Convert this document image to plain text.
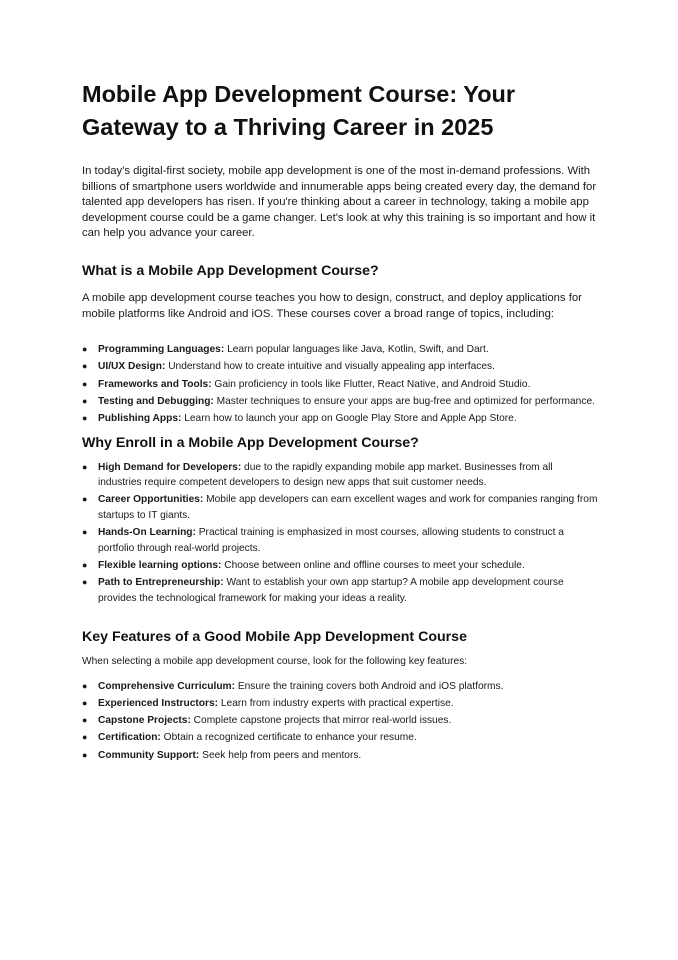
Mobile App Development Course: Your Gateway to a Thriving Career in 2025

In today's digital-first society, mobile app development is one of the most in-demand professions. With billions of smartphone users worldwide and innumerable apps being created every day, the demand for talented app developers has risen. If you're thinking about a career in technology, taking a mobile app development course could be a game changer. Let's look at why this training is so important and how it can help you advance your career.

What is a Mobile App Development Course?

A mobile app development course teaches you how to design, construct, and deploy applications for mobile platforms like Android and iOS. These courses cover a broad range of topics, including:

● Programming Languages: Learn popular languages like Java, Kotlin, Swift, and Dart.
● UI/UX Design: Understand how to create intuitive and visually appealing app interfaces.
● Frameworks and Tools: Gain proficiency in tools like Flutter, React Native, and Android Studio.
● Testing and Debugging: Master techniques to ensure your apps are bug-free and optimized for performance.
● Publishing Apps: Learn how to launch your app on Google Play Store and Apple App Store.
Why Enroll in a Mobile App Development Course?
● High Demand for Developers: due to the rapidly expanding mobile app market. Businesses from all industries require competent developers to design new apps that suit customer needs.
● Career Opportunities: Mobile app developers can earn excellent wages and work for companies ranging from startups to IT giants.
● Hands-On Learning: Practical training is emphasized in most courses, allowing students to construct a portfolio through real-world projects.
● Flexible learning options: Choose between online and offline courses to meet your schedule.
● Path to Entrepreneurship: Want to establish your own app startup? A mobile app development course provides the technological framework for making your ideas a reality.
Key Features of a Good Mobile App Development Course

When selecting a mobile app development course, look for the following key features:

● Comprehensive Curriculum: Ensure the training covers both Android and iOS platforms.
● Experienced Instructors: Learn from industry experts with practical expertise.
● Capstone Projects: Complete capstone projects that mirror real-world issues.
● Certification: Obtain a recognized certificate to enhance your resume.
● Community Support: Seek help from peers and mentors.
